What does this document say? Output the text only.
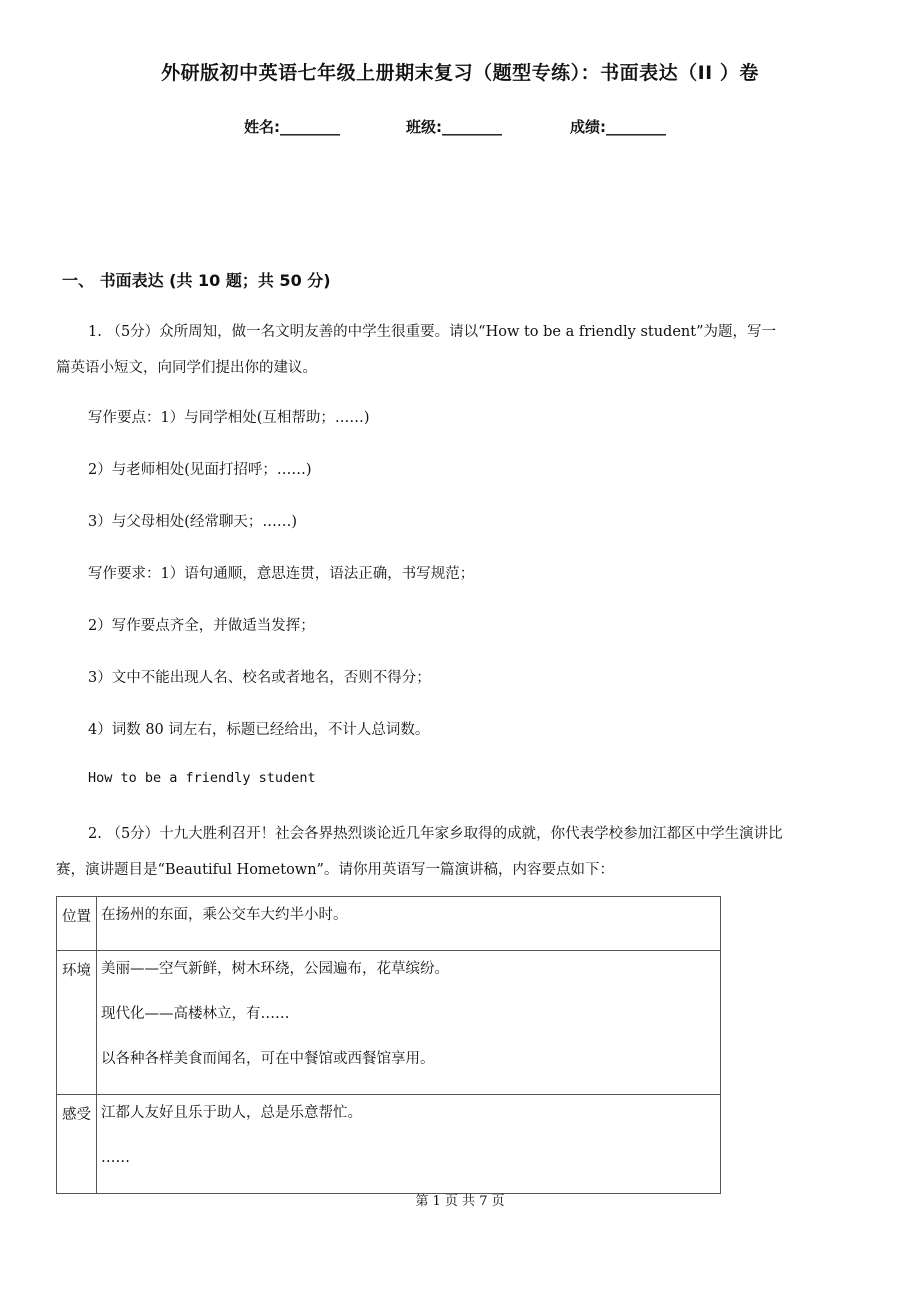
外研版初中英语七年级上册期末复习（题型专练）：书面表达（II ）卷
姓名:________	班级:________	成绩:________
一、 书面表达 (共 10 题；共 50 分)
1. （5分）众所周知，做一名文明友善的中学生很重要。请以“How to be a friendly student”为题，写一
篇英语小短文，向同学们提出你的建议。
写作要点：1）与同学相处(互相帮助；……)
2）与老师相处(见面打招呼；……)
3）与父母相处(经常聊天；……)
写作要求：1）语句通顺，意思连贯，语法正确，书写规范；
2）写作要点齐全，并做适当发挥；
3）文中不能出现人名、校名或者地名，否则不得分；
4）词数 80 词左右，标题已经给出，不计人总词数。
How to be a friendly student
2. （5分）十九大胜利召开！社会各界热烈谈论近几年家乡取得的成就，你代表学校参加江都区中学生演讲比
赛，演讲题目是“Beautiful Hometown”。请你用英语写一篇演讲稿，内容要点如下：
位置	在扬州的东面，乘公交车大约半小时。

环境	美丽——空气新鲜，树木环绕，公园遍布，花草缤纷。
现代化——高楼林立，有……
以各种各样美食而闻名，可在中餐馆或西餐馆享用。

感受	江都人友好且乐于助人，总是乐意帮忙。
……
第 1 页 共 7 页
